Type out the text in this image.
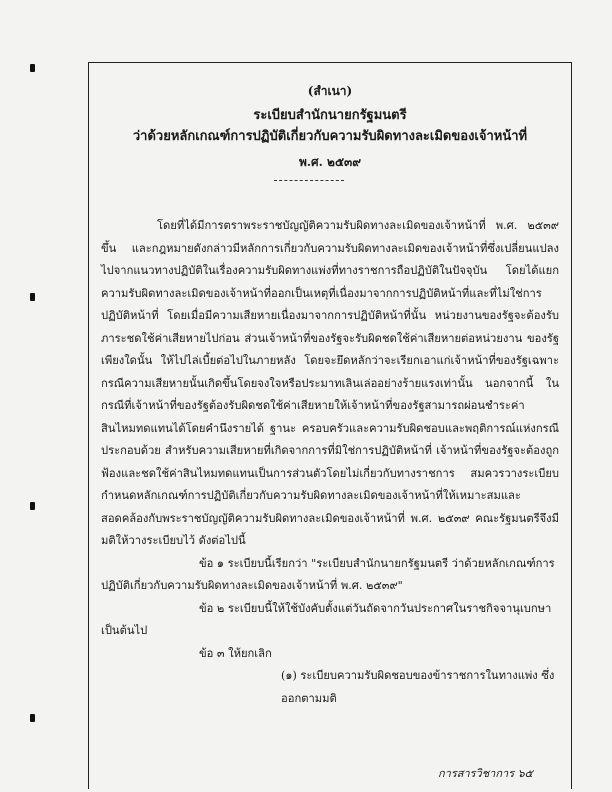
(สำเนา)
ระเบียบสำนักนายกรัฐมนตรี
ว่าด้วยหลักเกณฑ์การปฏิบัติเกี่ยวกับความรับผิดทางละเมิดของเจ้าหน้าที่
พ.ศ. ๒๕๓๙

โดยที่ได้มีการตราพระราชบัญญัติความรับผิดทางละเมิดของเจ้าหน้าที่ พ.ศ. ๒๕๓๙ ขึ้น และกฎหมายดังกล่าวมีหลักการเกี่ยวกับความรับผิดทางละเมิดของเจ้าหน้าที่ซึ่งเปลี่ยนแปลงไปจากแนวทางปฏิบัติในเรื่องความรับผิดทางแพ่งที่ทางราชการถือปฏิบัติในปัจจุบัน โดยได้แยกความรับผิดทางละเมิดของเจ้าหน้าที่ออกเป็นเหตุที่เนื่องมาจากการปฏิบัติหน้าที่และที่ไม่ใช่การปฏิบัติหน้าที่ โดยเมื่อมีความเสียหายเนื่องมาจากการปฏิบัติหน้าที่นั้น หน่วยงานของรัฐจะต้องรับภาระชดใช้ค่าเสียหายไปก่อน ส่วนเจ้าหน้าที่ของรัฐจะรับผิดชดใช้ค่าเสียหายต่อหน่วยงาน ของรัฐเพียงใดนั้น ให้ไปไล่เบี้ยต่อไปในภายหลัง โดยจะยึดหลักว่าจะเรียกเอาแก่เจ้าหน้าที่ของรัฐเฉพาะกรณีความเสียหายนั้นเกิดขึ้นโดยจงใจหรือประมาทเลินเล่ออย่างร้ายแรงเท่านั้น นอกจากนี้ ในกรณีที่เจ้าหน้าที่ของรัฐต้องรับผิดชดใช้ค่าเสียหายให้เจ้าหน้าที่ของรัฐสามารถผ่อนชำระค่าสินไหมทดแทนได้โดยคำนึงรายได้ ฐานะ ครอบครัวและความรับผิดชอบและพฤติการณ์แห่งกรณีประกอบด้วย สำหรับความเสียหายที่เกิดจากการที่มิใช่การปฏิบัติหน้าที่ เจ้าหน้าที่ของรัฐจะต้องถูกฟ้องและชดใช้ค่าสินไหมทดแทนเป็นการส่วนตัวโดยไม่เกี่ยวกับทางราชการ สมควรวางระเบียบกำหนดหลักเกณฑ์การปฏิบัติเกี่ยวกับความรับผิดทางละเมิดของเจ้าหน้าที่ให้เหมาะสมและสอดคล้องกับพระราชบัญญัติความรับผิดทางละเมิดของเจ้าหน้าที่ พ.ศ. ๒๕๓๙ คณะรัฐมนตรีจึงมีมติให้วางระเบียบไว้ ดังต่อไปนี้

ข้อ ๑ ระเบียบนี้เรียกว่า "ระเบียบสำนักนายกรัฐมนตรี ว่าด้วยหลักเกณฑ์การปฏิบัติเกี่ยวกับความรับผิดทางละเมิดของเจ้าหน้าที่ พ.ศ. ๒๕๓๙"

ข้อ ๒ ระเบียบนี้ให้ใช้บังคับตั้งแต่วันถัดจากวันประกาศในราชกิจจานุเบกษาเป็นต้นไป

ข้อ ๓ ให้ยกเลิก

(๑) ระเบียบความรับผิดชอบของข้าราชการในทางแพ่ง ซึ่งออกตามมติ

การสารวิชาการ ๖๕
